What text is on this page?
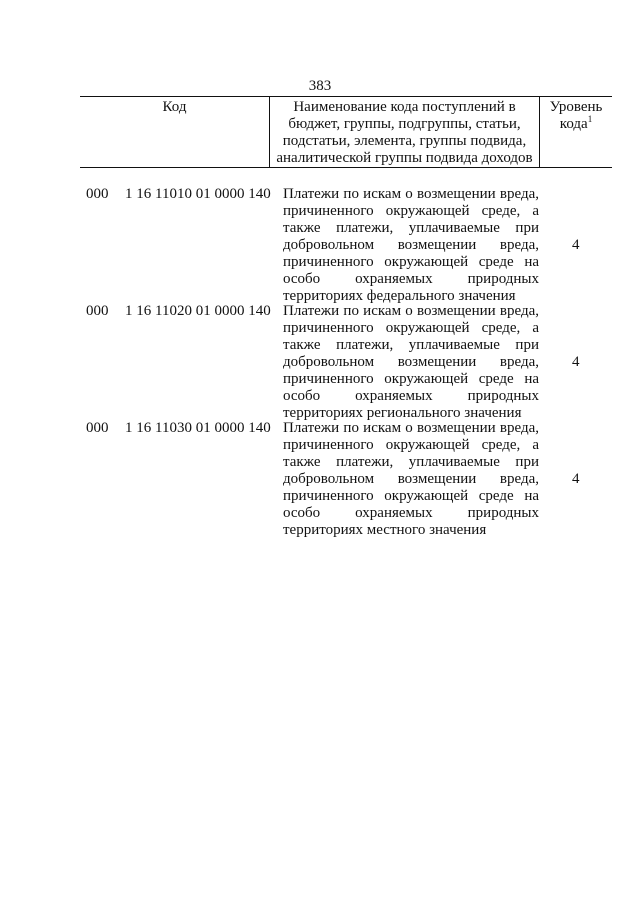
383
Код	Наименование кода поступлений в
бюджет, группы, подгруппы, статьи,
подстатьи, элемента, группы подвида,
аналитической группы подвида доходов
Уровень
кода$^1$
000 1 16 11010 01 0000 140 Платежи по искам о возмещении вреда,
причиненного окружающей среде, а
также платежи, уплачиваемые при
добровольном возмещении вреда,
причиненного окружающей среде на
особо охраняемых природных
территориях федерального значения
4
000 1 16 11020 01 0000 140 Платежи по искам о возмещении вреда,
причиненного окружающей среде, а
также платежи, уплачиваемые при
добровольном возмещении вреда,
причиненного окружающей среде на
особо охраняемых природных
территориях регионального значения
4
000 1 16 11030 01 0000 140 Платежи по искам о возмещении вреда,
причиненного окружающей среде, а
также платежи, уплачиваемые при
добровольном возмещении вреда,
причиненного окружающей среде на
особо охраняемых природных
территориях местного значения
4
